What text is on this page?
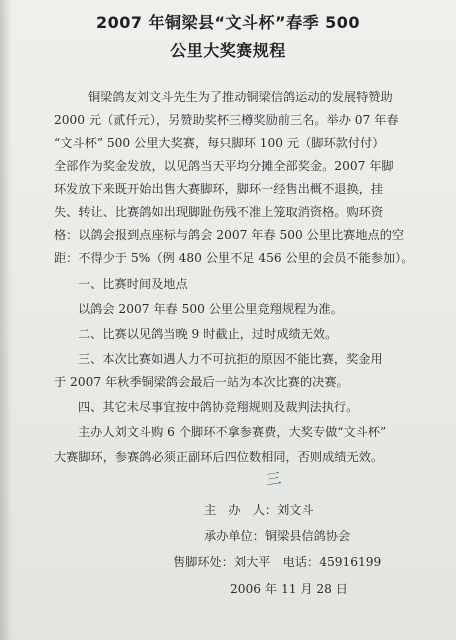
2007 年铜梁县“文斗杯”春季 500
公里大奖赛规程
铜梁鸽友刘文斗先生为了推动铜梁信鸽运动的发展特赞助
2000 元（贰仟元），另赞助奖杯三樽奖励前三名。举办 07 年春
“文斗杯” 500 公里大奖赛，每只脚环 100 元（脚环款付付）
全部作为奖金发放，以见鸽当天平均分摊全部奖金。2007 年脚
环发放下来既开始出售大赛脚环，脚环一经售出概不退换，挂
失、转让、比赛鸽如出现脚趾伤残不准上笼取消资格。购环资
格：以鸽会报到点座标与鸽会 2007 年春 500 公里比赛地点的空
距：不得少于 5%（例 480 公里不足 456 公里的会员不能参加）。
一、比赛时间及地点
以鸽会 2007 年春 500 公里公里竞翔规程为准。
二、比赛以见鸽当晚 9 时截止，过时成绩无效。
三、本次比赛如遇人力不可抗拒的原因不能比赛，奖金用
于 2007 年秋季铜梁鸽会最后一站为本次比赛的决赛。
四、其它未尽事宜按中鸽协竞翔规则及裁判法执行。
主办人刘文斗购 6 个脚环不拿参赛费，大奖专做“文斗杯”
大赛脚环，参赛鸽必须正副环后四位数相同，否则成绩无效。
三
主　办　人：刘文斗
承办单位：铜梁县信鸽协会
售脚环处：刘大平　电话：45916199
2006 年 11 月 28 日
